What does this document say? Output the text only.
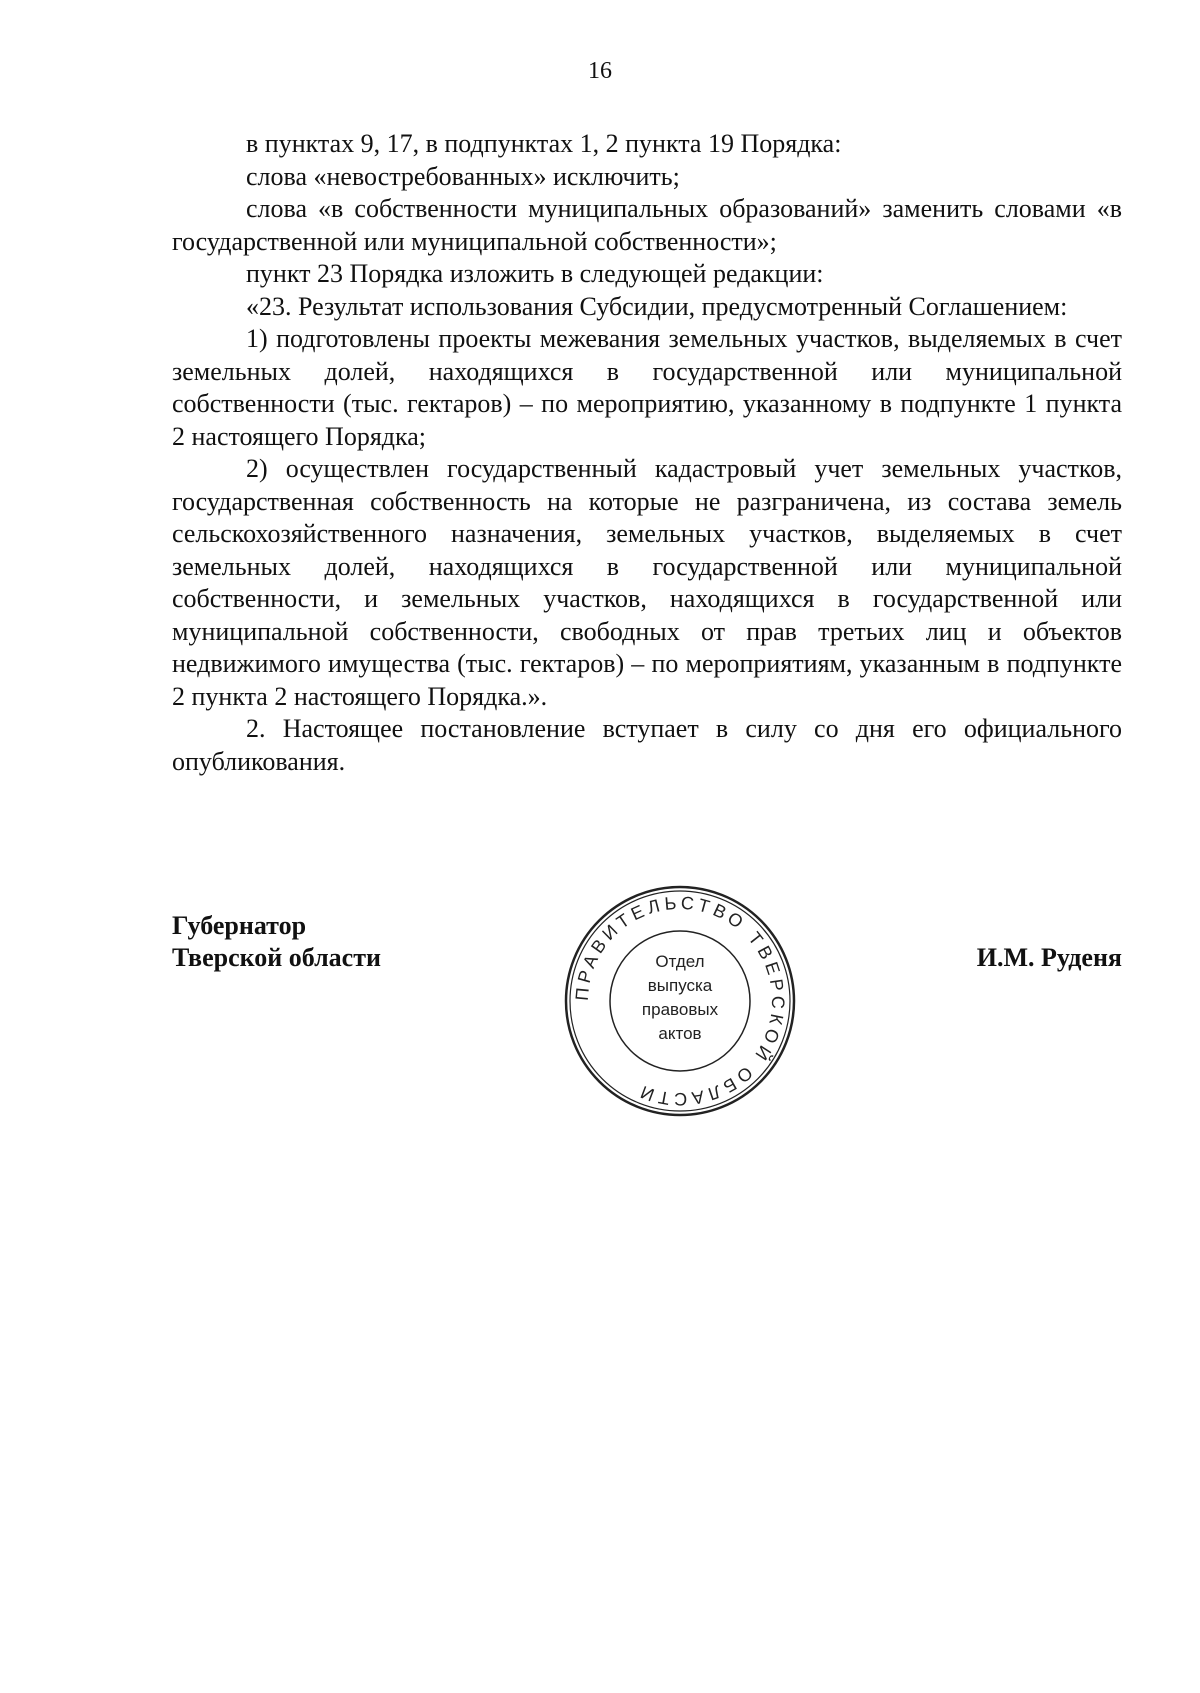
16

в пунктах 9, 17, в подпунктах 1, 2 пункта 19 Порядка:

слова «невостребованных» исключить;

слова «в собственности муниципальных образований» заменить словами «в государственной или муниципальной собственности»;

пункт 23 Порядка изложить в следующей редакции:

«23. Результат использования Субсидии, предусмотренный Соглашением:

1) подготовлены проекты межевания земельных участков, выделяемых в счет земельных долей, находящихся в государственной или муниципальной собственности (тыс. гектаров) – по мероприятию, указанному в подпункте 1 пункта 2 настоящего Порядка;

2) осуществлен государственный кадастровый учет земельных участков, государственная собственность на которые не разграничена, из состава земель сельскохозяйственного назначения, земельных участков, выделяемых в счет земельных долей, находящихся в государственной или муниципальной собственности, и земельных участков, находящихся в государственной или муниципальной собственности, свободных от прав третьих лиц и объектов недвижимого имущества (тыс. гектаров) – по мероприятиям, указанным в подпункте 2 пункта 2 настоящего Порядка.».

2. Настоящее постановление вступает в силу со дня его официального опубликования.

Губернатор
Тверской области	И.М. Руденя
ПРАВИТЕЛЬСТВО ТВЕРСКОЙ ОБЛАСТИ
Отдел
выпуска
правовых
актов
